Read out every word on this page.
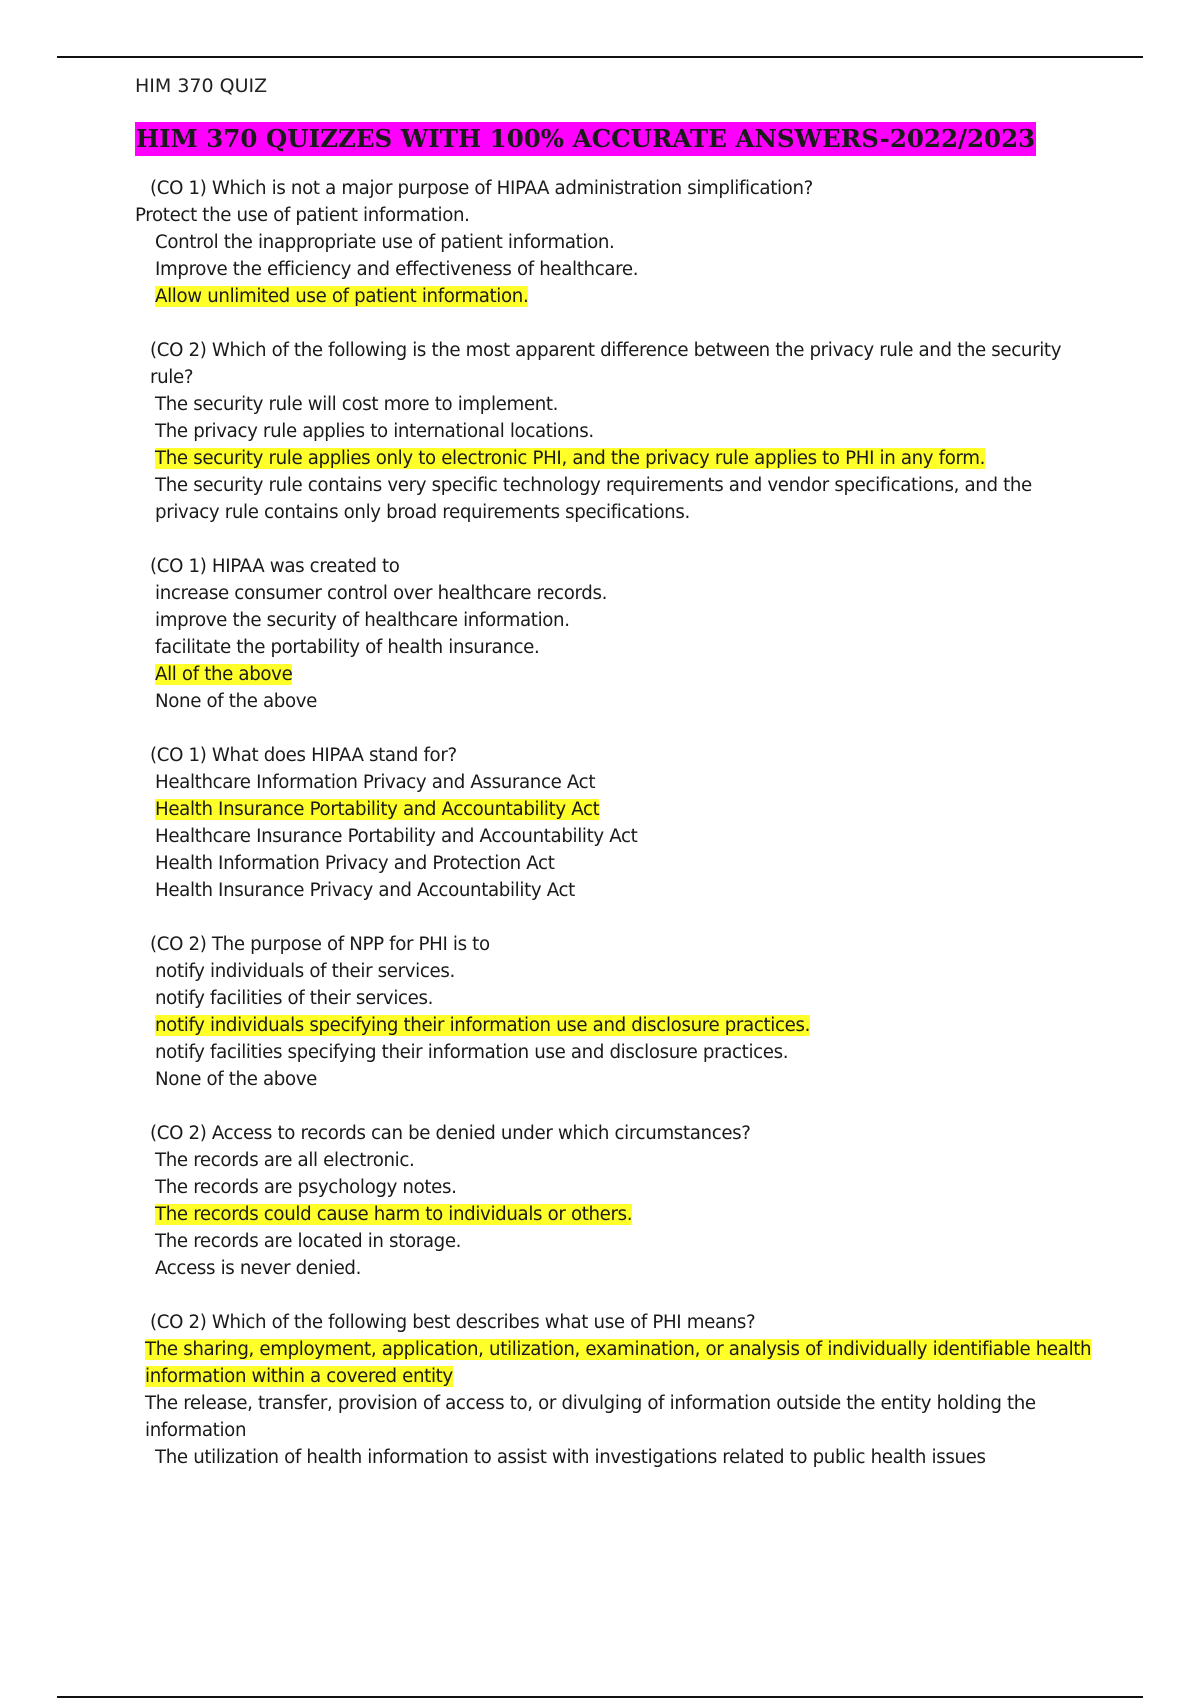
HIM 370 QUIZ
HIM 370 QUIZZES WITH 100% ACCURATE ANSWERS-2022/2023
(CO 1) Which is not a major purpose of HIPAA administration simplification?
Protect the use of patient information.
Control the inappropriate use of patient information.
Improve the efficiency and effectiveness of healthcare.
Allow unlimited use of patient information.
(CO 2) Which of the following is the most apparent difference between the privacy rule and the security rule?
The security rule will cost more to implement.
The privacy rule applies to international locations.
The security rule applies only to electronic PHI, and the privacy rule applies to PHI in any form.
The security rule contains very specific technology requirements and vendor specifications, and the privacy rule contains only broad requirements specifications.
(CO 1) HIPAA was created to
increase consumer control over healthcare records.
improve the security of healthcare information.
facilitate the portability of health insurance.
All of the above
None of the above
(CO 1) What does HIPAA stand for?
Healthcare Information Privacy and Assurance Act
Health Insurance Portability and Accountability Act
Healthcare Insurance Portability and Accountability Act
Health Information Privacy and Protection Act
Health Insurance Privacy and Accountability Act
(CO 2) The purpose of NPP for PHI is to
notify individuals of their services.
notify facilities of their services.
notify individuals specifying their information use and disclosure practices.
notify facilities specifying their information use and disclosure practices.
None of the above
(CO 2) Access to records can be denied under which circumstances?
The records are all electronic.
The records are psychology notes.
The records could cause harm to individuals or others.
The records are located in storage.
Access is never denied.
(CO 2) Which of the following best describes what use of PHI means?
The sharing, employment, application, utilization, examination, or analysis of individually identifiable health information within a covered entity
The release, transfer, provision of access to, or divulging of information outside the entity holding the information
The utilization of health information to assist with investigations related to public health issues
